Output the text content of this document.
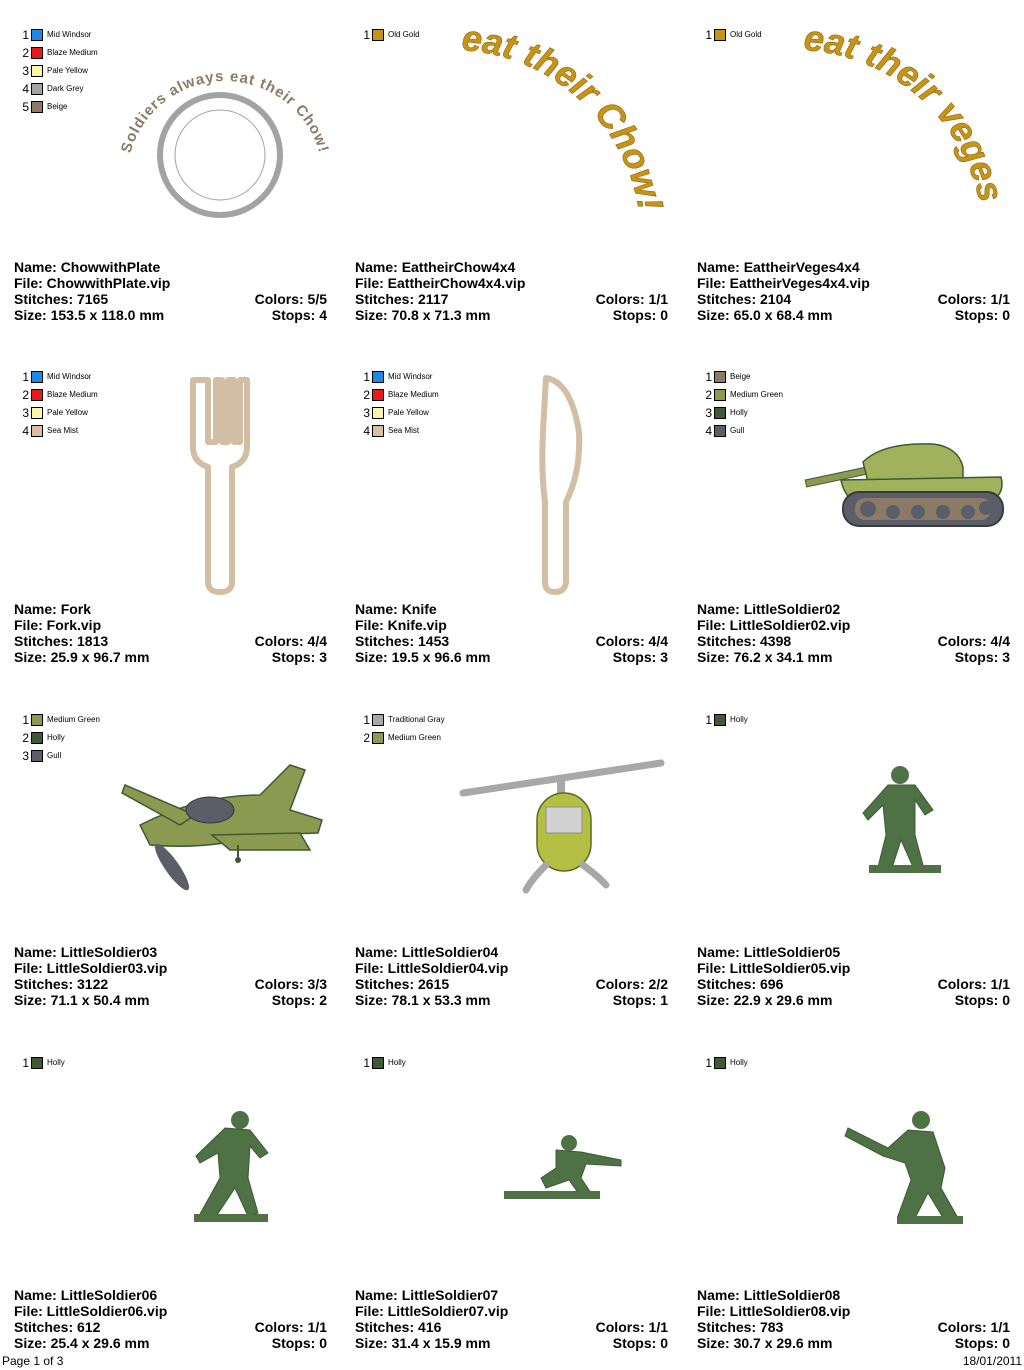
1 Mid Windsor
2 Blaze Medium
3 Pale Yellow
4 Dark Grey
5 Beige
Soldiers always eat their Chow!
Name: ChowwithPlate
File: ChowwithPlate.vip
Stitches: 7165	Colors: 5/5
Size: 153.5 x 118.0 mm	Stops: 4
1 Old Gold eat their Chow!
Name: EattheirChow4x4
File: EattheirChow4x4.vip
Stitches: 2117	Colors: 1/1
Size: 70.8 x 71.3 mm	Stops: 0
1 Old Gold eat their veges
Name: EattheirVeges4x4
File: EattheirVeges4x4.vip
Stitches: 2104	Colors: 1/1
Size: 65.0 x 68.4 mm	Stops: 0
1 Mid Windsor
2 Blaze Medium
3 Pale Yellow
4 Sea Mist
Name: Fork
File: Fork.vip
Stitches: 1813	Colors: 4/4
Size: 25.9 x 96.7 mm	Stops: 3
1 Mid Windsor
2 Blaze Medium
3 Pale Yellow
4 Sea Mist
Name: Knife
File: Knife.vip
Stitches: 1453	Colors: 4/4
Size: 19.5 x 96.6 mm	Stops: 3
1 Beige
2 Medium Green
3 Holly
4 Gull
Name: LittleSoldier02
File: LittleSoldier02.vip
Stitches: 4398	Colors: 4/4
Size: 76.2 x 34.1 mm	Stops: 3
1 Medium Green
2 Holly
3 Gull
Name: LittleSoldier03
File: LittleSoldier03.vip
Stitches: 3122	Colors: 3/3
Size: 71.1 x 50.4 mm	Stops: 2
1 Traditional Gray
2 Medium Green
Name: LittleSoldier04
File: LittleSoldier04.vip
Stitches: 2615	Colors: 2/2
Size: 78.1 x 53.3 mm	Stops: 1
1 Holly
Name: LittleSoldier05
File: LittleSoldier05.vip
Stitches: 696	Colors: 1/1
Size: 22.9 x 29.6 mm	Stops: 0
1 Holly
Name: LittleSoldier06
File: LittleSoldier06.vip
Stitches: 612	Colors: 1/1
Size: 25.4 x 29.6 mm	Stops: 0
1 Holly
Name: LittleSoldier07
File: LittleSoldier07.vip
Stitches: 416	Colors: 1/1
Size: 31.4 x 15.9 mm	Stops: 0
1 Holly
Name: LittleSoldier08
File: LittleSoldier08.vip
Stitches: 783	Colors: 1/1
Size: 30.7 x 29.6 mm	Stops: 0
Page 1 of 3	18/01/2011
